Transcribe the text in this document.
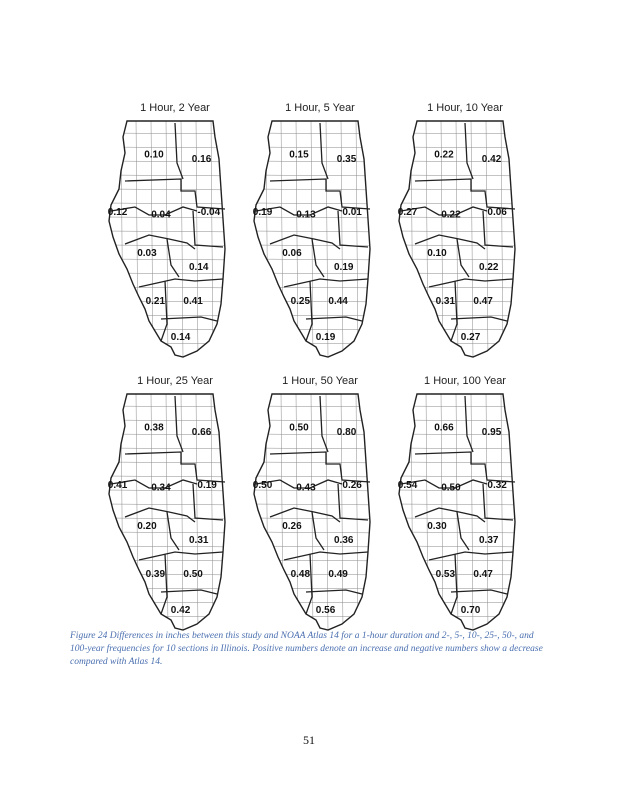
1 Hour, 2 Year
0.10	0.16
0.12 0.04	-0.04
0.03
0.14
0.21 0.41
0.14
1 Hour, 5 Year
0.15	0.35
0.19 0.13	0.01
0.06
0.19
0.25 0.44
0.19
1 Hour, 10 Year
0.22	0.42
0.27 0.22	0.06
0.10
0.22
0.31 0.47
0.27
1 Hour, 25 Year
0.38	0.66
0.41 0.34	0.19
0.20
0.31
0.39 0.50
0.42
1 Hour, 50 Year
0.50	0.80
0.50 0.43	0.26
0.26
0.36
0.48 0.49
0.56
1 Hour, 100 Year
0.66	0.95
0.54 0.50	0.32
0.30
0.37
0.53 0.47
0.70
Figure 24 Differences in inches between this study and NOAA Atlas 14 for a 1-hour duration and 2-, 5-, 10-, 25-, 50-, and 100-year frequencies for 10 sections in Illinois. Positive numbers denote an increase and negative numbers show a decrease compared with Atlas 14.
51
